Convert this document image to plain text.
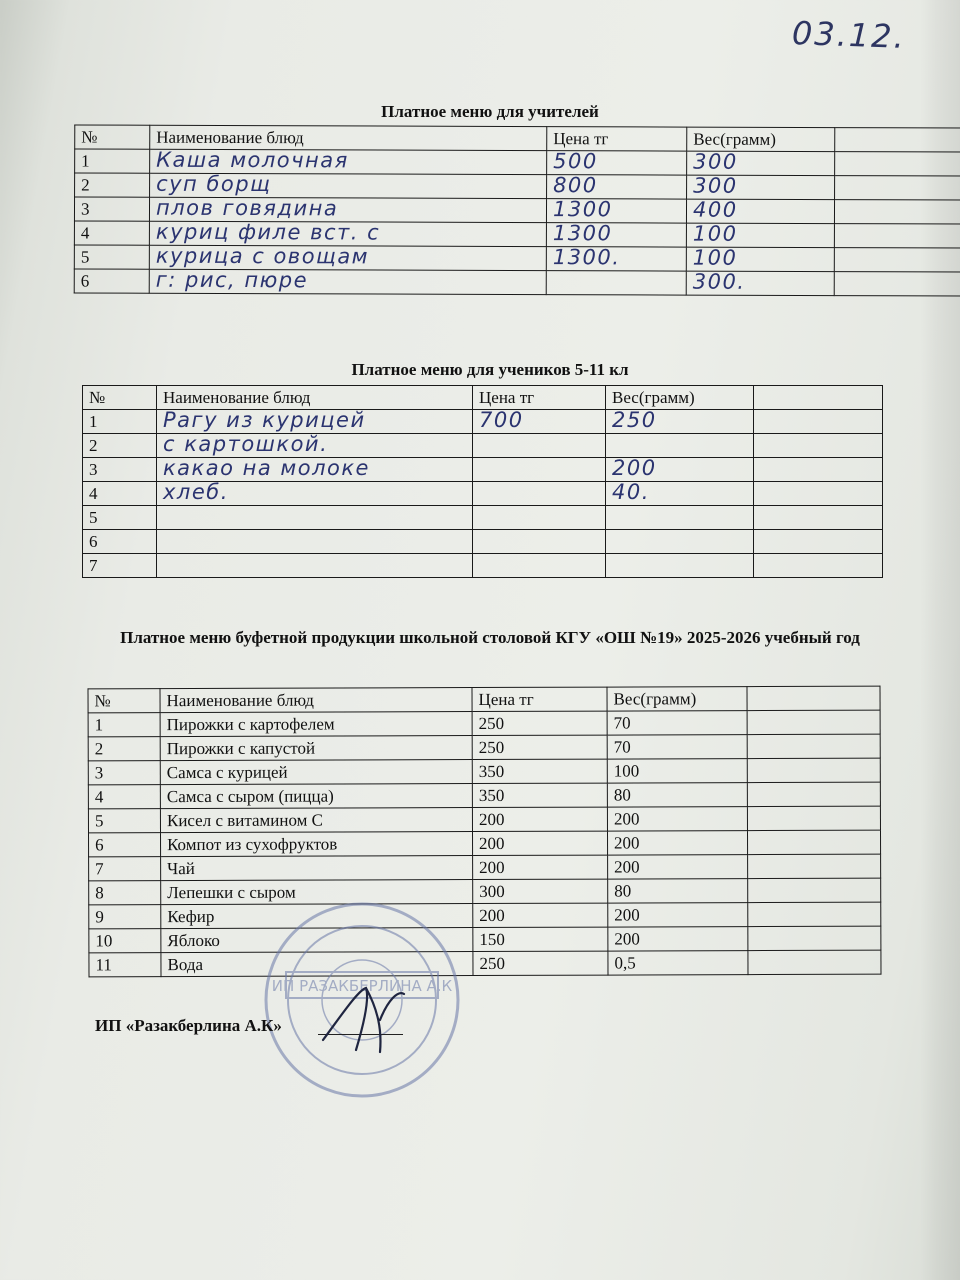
03.12.
Платное меню для учителей
№	Наименование блюд	Цена тг	Вес(грамм)	
1	Каша молочная	500	300	
2	суп борщ	800	300	
3	плов говядина	1300	400	
4	куриц филе вст. с	1300	100	
5	курица с овощам	1300.	100	
6	г: рис, пюре		300.	
Платное меню для учеников 5-11 кл
№	Наименование блюд	Цена тг	Вес(грамм)	
1	Рагу из курицей	700	250	
2	с картошкой.			
3	какао на молоке		200	
4	хлеб.		40.	
5				
6				
7				
Платное меню буфетной продукции школьной столовой КГУ «ОШ №19» 2025-2026 учебный год
№	Наименование блюд	Цена тг	Вес(грамм)	
1	Пирожки с картофелем	250	70	
2	Пирожки с капустой	250	70	
3	Самса с курицей	350	100	
4	Самса с сыром (пицца)	350	80	
5	Кисел с витамином С	200	200	
6	Компот из сухофруктов	200	200	
7	Чай	200	200	
8	Лепешки с сыром	300	80	
9	Кефир	200	200	
10	Яблоко	150	200	
11	Вода	250	0,5	
ИП РАЗАКБЕРЛИНА А.К
ИП «Разакберлина А.К»
